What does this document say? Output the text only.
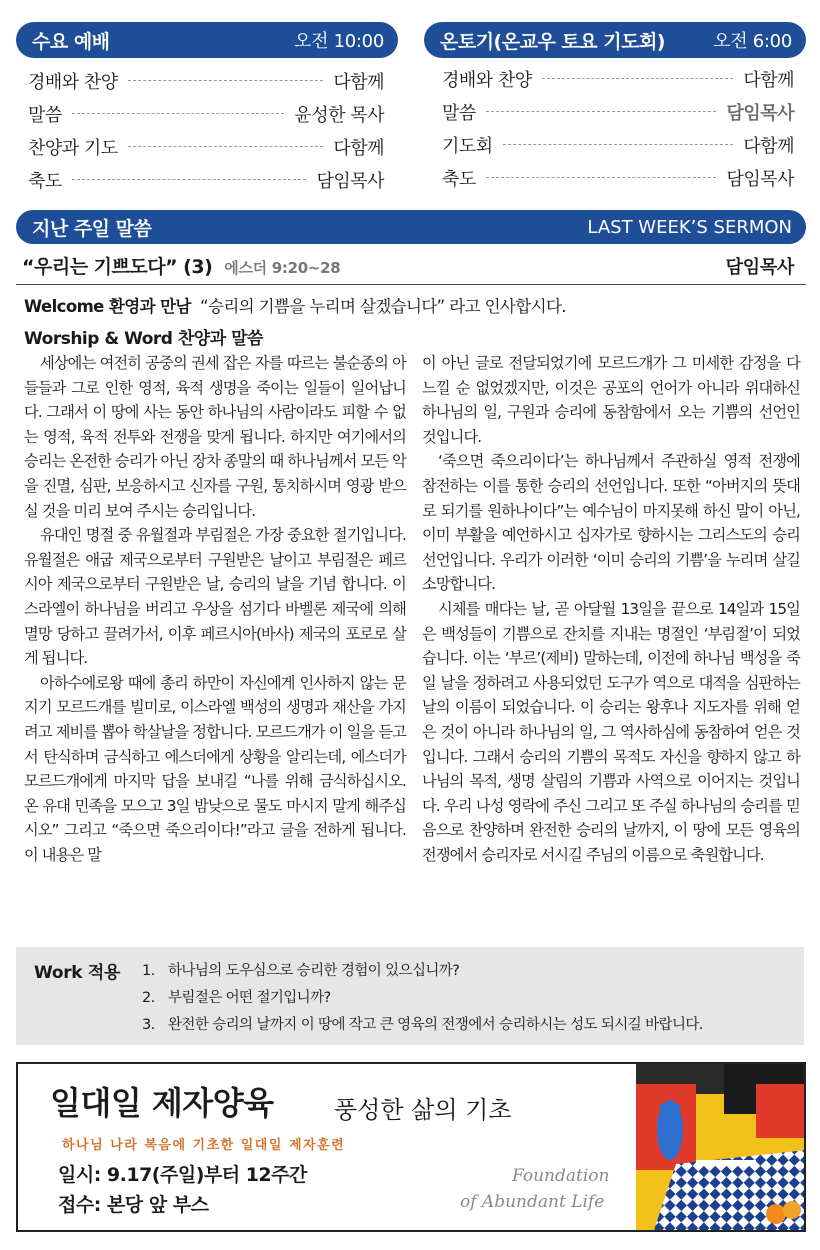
수요 예배	오전 10:00
경배와 찬양	다함께
말씀	윤성한 목사
찬양과 기도	다함께
축도	담임목사
온토기(온교우 토요 기도회)	오전 6:00
경배와 찬양	다함께
말씀	담임목사
기도회	다함께
축도	담임목사
지난 주일 말씀	LAST WEEK’S SERMON
“우리는 기쁘도다” (3) 에스더 9:20~28	담임목사
Welcome 환영과 만남 “승리의 기쁨을 누리며 살겠습니다” 라고 인사합시다.
Worship & Word 찬양과 말씀

세상에는 여전히 공중의 권세 잡은 자를 따르는 불순종의 아들들과 그로 인한 영적, 육적 생명을 죽이는 일들이 일어납니다. 그래서 이 땅에 사는 동안 하나님의 사람이라도 피할 수 없는 영적, 육적 전투와 전쟁을 맞게 됩니다. 하지만 여기에서의 승리는 온전한 승리가 아닌 장차 종말의 때 하나님께서 모든 악을 진멸, 심판, 보응하시고 신자를 구원, 통치하시며 영광 받으실 것을 미리 보여 주시는 승리입니다.

유대인 명절 중 유월절과 부림절은 가장 중요한 절기입니다. 유월절은 애굽 제국으로부터 구원받은 날이고 부림절은 페르시아 제국으로부터 구원받은 날, 승리의 날을 기념 합니다. 이스라엘이 하나님을 버리고 우상을 섬기다 바벨론 제국에 의해 멸망 당하고 끌려가서, 이후 페르시아(바사) 제국의 포로로 살게 됩니다.

아하수에로왕 때에 총리 하만이 자신에게 인사하지 않는 문지기 모르드개를 빌미로, 이스라엘 백성의 생명과 재산을 가지려고 제비를 뽑아 학살날을 정합니다. 모르드개가 이 일을 듣고서 탄식하며 금식하고 에스더에게 상황을 알리는데, 에스더가 모르드개에게 마지막 답을 보내길 “나를 위해 금식하십시오. 온 유대 민족을 모으고 3일 밤낮으로 물도 마시지 말게 해주십시오” 그리고 “죽으면 죽으리이다!”라고 글을 전하게 됩니다. 이 내용은 말

이 아닌 글로 전달되었기에 모르드개가 그 미세한 감정을 다 느낄 순 없었겠지만, 이것은 공포의 언어가 아니라 위대하신 하나님의 일, 구원과 승리에 동참함에서 오는 기쁨의 선언인 것입니다.

‘죽으면 죽으리이다’는 하나님께서 주관하실 영적 전쟁에 참전하는 이를 통한 승리의 선언입니다. 또한 “아버지의 뜻대로 되기를 원하나이다”는 예수님이 마지못해 하신 말이 아닌, 이미 부활을 예언하시고 십자가로 향하시는 그리스도의 승리 선언입니다. 우리가 이러한 ‘이미 승리의 기쁨’을 누리며 살길 소망합니다.

시체를 매다는 날, 곧 아달월 13일을 끝으로 14일과 15일은 백성들이 기쁨으로 잔치를 지내는 명절인 ‘부림절’이 되었습니다. 이는 ‘부르’(제비) 말하는데, 이전에 하나님 백성을 죽일 날을 정하려고 사용되었던 도구가 역으로 대적을 심판하는 날의 이름이 되었습니다. 이 승리는 왕후나 지도자를 위해 얻은 것이 아니라 하나님의 일, 그 역사하심에 동참하여 얻은 것입니다. 그래서 승리의 기쁨의 목적도 자신을 향하지 않고 하나님의 목적, 생명 살림의 기쁨과 사역으로 이어지는 것입니다. 우리 나성 영락에 주신 그리고 또 주실 하나님의 승리를 믿음으로 찬양하며 완전한 승리의 날까지, 이 땅에 모든 영육의 전쟁에서 승리자로 서시길 주님의 이름으로 축원합니다.

Work 적용 1. 하나님의 도우심으로 승리한 경험이 있으십니까?
2. 부림절은 어떤 절기입니까?
3. 완전한 승리의 날까지 이 땅에 작고 큰 영육의 전쟁에서 승리하시는 성도 되시길 바랍니다.
일대일 제자양육	풍성한 삶의 기초
하나님 나라 복음에 기초한 일대일 제자훈련
일시: 9.17(주일)부터 12주간
접수: 본당 앞 부스
Foundation
of Abundant Life
